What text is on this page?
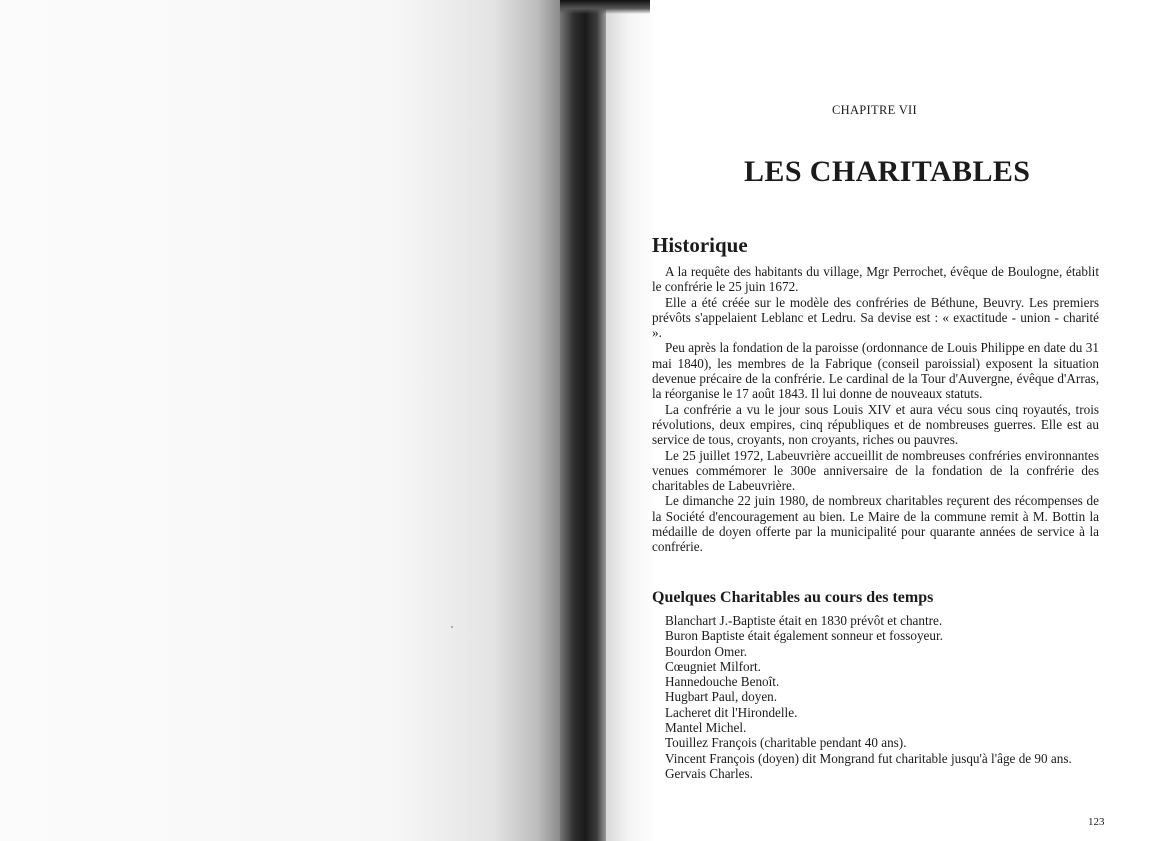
CHAPITRE VII
LES CHARITABLES
Historique

A la requête des habitants du village, Mgr Perrochet, évêque de Boulogne, établit le confrérie le 25 juin 1672.

Elle a été créée sur le modèle des confréries de Béthune, Beuvry. Les premiers prévôts s'appelaient Leblanc et Ledru. Sa devise est : « exactitude - union - charité ».

Peu après la fondation de la paroisse (ordonnance de Louis Philippe en date du 31 mai 1840), les membres de la Fabrique (conseil paroissial) exposent la situation devenue précaire de la confrérie. Le cardinal de la Tour d'Auvergne, évêque d'Arras, la réorganise le 17 août 1843. Il lui donne de nouveaux statuts.

La confrérie a vu le jour sous Louis XIV et aura vécu sous cinq royautés, trois révolutions, deux empires, cinq républiques et de nombreuses guerres. Elle est au service de tous, croyants, non croyants, riches ou pauvres.

Le 25 juillet 1972, Labeuvrière accueillit de nombreuses confréries environnantes venues commémorer le 300e anniversaire de la fondation de la confrérie des charitables de Labeuvrière.

Le dimanche 22 juin 1980, de nombreux charitables reçurent des récompenses de la Société d'encouragement au bien. Le Maire de la commune remit à M. Bottin la médaille de doyen offerte par la municipalité pour quarante années de service à la confrérie.

Quelques Charitables au cours des temps

Blanchart J.-Baptiste était en 1830 prévôt et chantre.

Buron Baptiste était également sonneur et fossoyeur.

Bourdon Omer.

Cœugniet Milfort.

Hannedouche Benoît.

Hugbart Paul, doyen.

Lacheret dit l'Hirondelle.

Mantel Michel.

Touillez François (charitable pendant 40 ans).

Vincent François (doyen) dit Mongrand fut charitable jusqu'à l'âge de 90 ans.

Gervais Charles.

123
